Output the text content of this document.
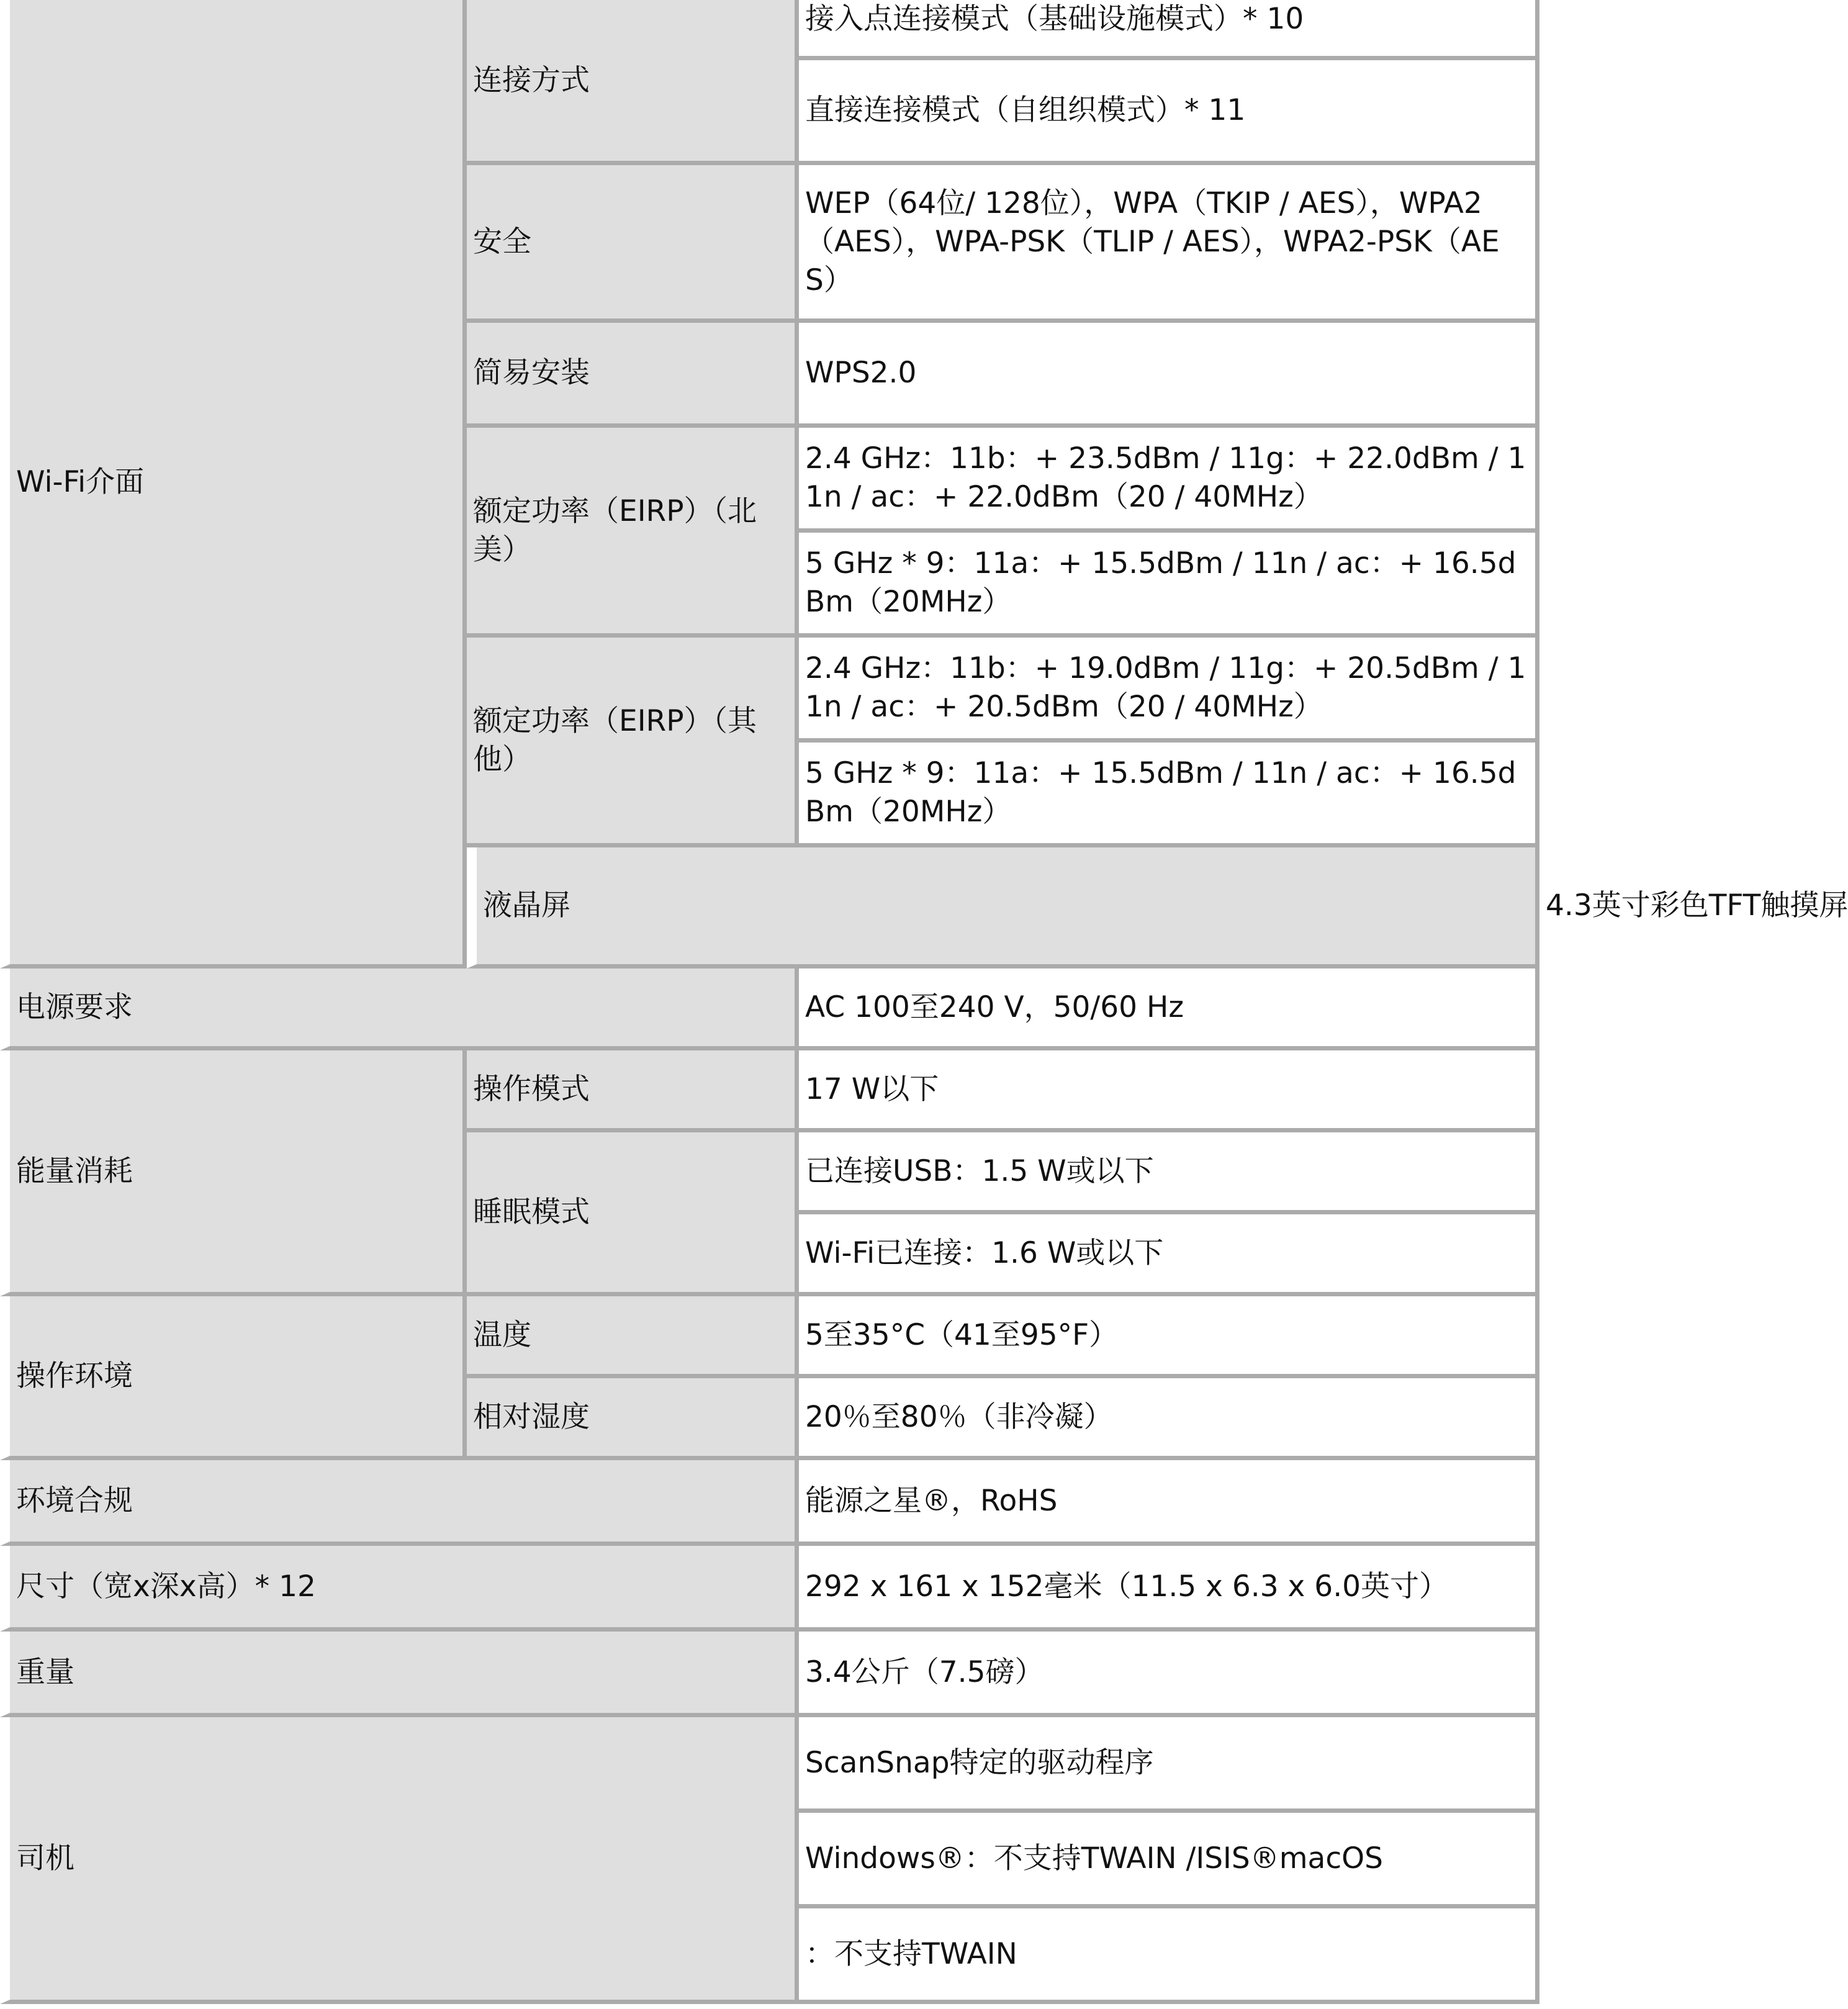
Wi-Fi介面	连接方式	接入点连接模式（基础设施模式）* 10	
		直接连接模式（自组织模式）* 11	
	安全	WEP（64位/ 128位），WPA（TKIP / AES），WPA2（AES），WPA-PSK（TLIP / AES），WPA2-PSK（AES）	
	简易安装	WPS2.0	
	额定功率（EIRP）（北美）	2.4 GHz：11b：+ 23.5dBm / 11g：+ 22.0dBm / 11n / ac：+ 22.0dBm（20 / 40MHz）	
		5 GHz * 9：11a：+ 15.5dBm / 11n / ac：+ 16.5dBm（20MHz）	
	额定功率（EIRP）（其他）	2.4 GHz：11b：+ 19.0dBm / 11g：+ 20.5dBm / 11n / ac：+ 20.5dBm（20 / 40MHz）	
		5 GHz * 9：11a：+ 15.5dBm / 11n / ac：+ 16.5dBm（20MHz）	
	液晶屏		4.3英寸彩色TFT触摸屏
电源要求		AC 100至240 V，50/60 Hz	
能量消耗	操作模式	17 W以下	
	睡眠模式	已连接USB：1.5 W或以下	
		Wi-Fi已连接：1.6 W或以下	
操作环境	温度	5至35°C（41至95°F）	
	相对湿度	20％至80％（非冷凝）	
环境合规		能源之星®，RoHS	
尺寸（宽x深x高）* 12		292 x 161 x 152毫米（11.5 x 6.3 x 6.0英寸）	
重量		3.4公斤（7.5磅）	
司机		ScanSnap特定的驱动程序	
		Windows®：不支持TWAIN /ISIS®macOS	
		：不支持TWAIN	
